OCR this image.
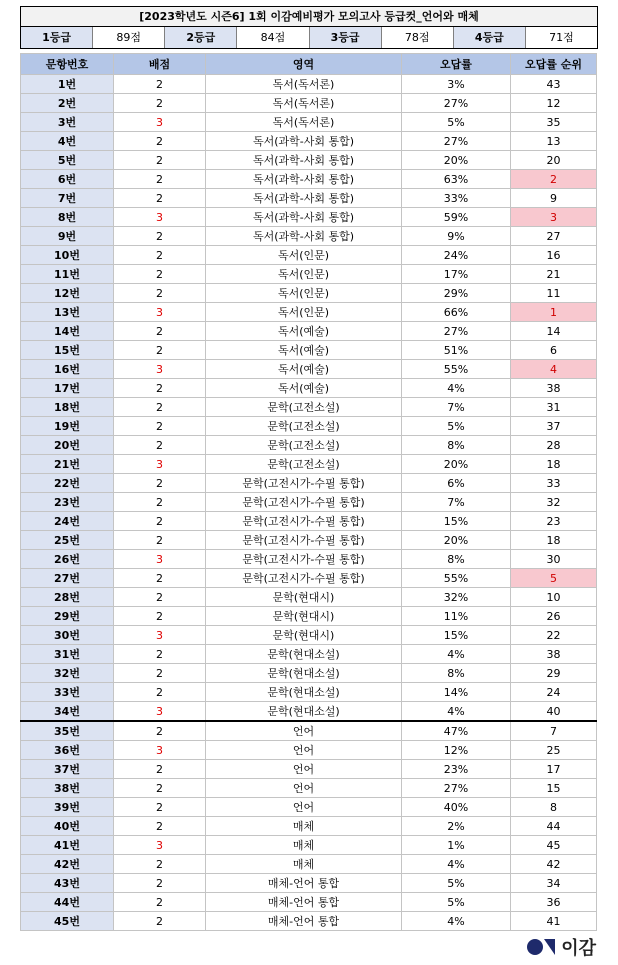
[2023학년도 시즌6] 1회 이감예비평가 모의고사 등급컷_언어와 매체
1등급	89점	2등급	84점	3등급	78점	4등급	71점
문항번호	배점	영역	오답률	오답률 순위
1번	2	독서(독서론)	3%	43
2번	2	독서(독서론)	27%	12
3번	3	독서(독서론)	5%	35
4번	2	독서(과학-사회 통합)	27%	13
5번	2	독서(과학-사회 통합)	20%	20
6번	2	독서(과학-사회 통합)	63%	2
7번	2	독서(과학-사회 통합)	33%	9
8번	3	독서(과학-사회 통합)	59%	3
9번	2	독서(과학-사회 통합)	9%	27
10번	2	독서(인문)	24%	16
11번	2	독서(인문)	17%	21
12번	2	독서(인문)	29%	11
13번	3	독서(인문)	66%	1
14번	2	독서(예술)	27%	14
15번	2	독서(예술)	51%	6
16번	3	독서(예술)	55%	4
17번	2	독서(예술)	4%	38
18번	2	문학(고전소설)	7%	31
19번	2	문학(고전소설)	5%	37
20번	2	문학(고전소설)	8%	28
21번	3	문학(고전소설)	20%	18
22번	2	문학(고전시가-수필 통합)	6%	33
23번	2	문학(고전시가-수필 통합)	7%	32
24번	2	문학(고전시가-수필 통합)	15%	23
25번	2	문학(고전시가-수필 통합)	20%	18
26번	3	문학(고전시가-수필 통합)	8%	30
27번	2	문학(고전시가-수필 통합)	55%	5
28번	2	문학(현대시)	32%	10
29번	2	문학(현대시)	11%	26
30번	3	문학(현대시)	15%	22
31번	2	문학(현대소설)	4%	38
32번	2	문학(현대소설)	8%	29
33번	2	문학(현대소설)	14%	24
34번	3	문학(현대소설)	4%	40
35번	2	언어	47%	7
36번	3	언어	12%	25
37번	2	언어	23%	17
38번	2	언어	27%	15
39번	2	언어	40%	8
40번	2	매체	2%	44
41번	3	매체	1%	45
42번	2	매체	4%	42
43번	2	매체-언어 통합	5%	34
44번	2	매체-언어 통합	5%	36
45번	2	매체-언어 통합	4%	41
이감
